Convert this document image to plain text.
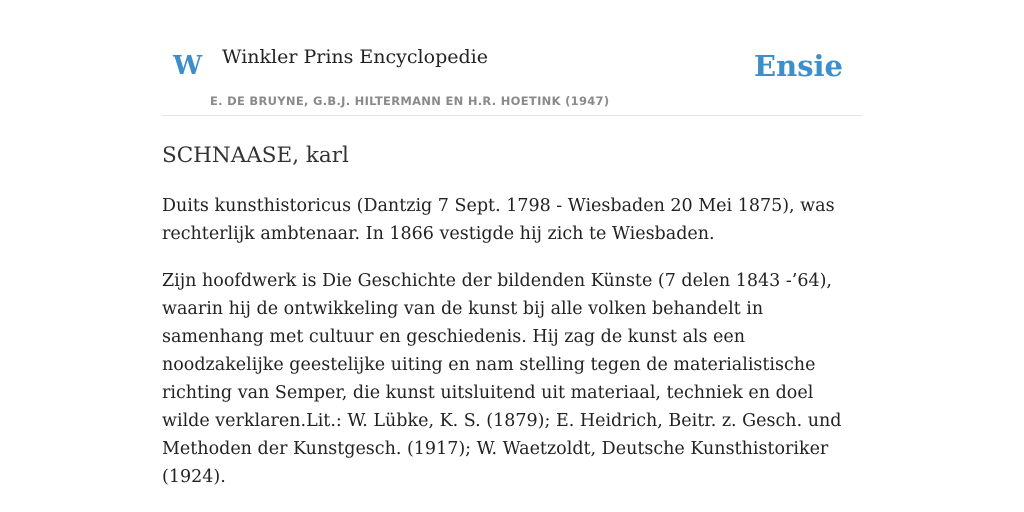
W Winkler Prins Encyclopedie
E. DE BRUYNE, G.B.J. HILTERMANN EN H.R. HOETINK (1947)
Ensie
SCHNAASE, karl

Duits kunsthistoricus (Dantzig 7 Sept. 1798 - Wiesbaden 20 Mei 1875), was rechterlijk ambtenaar. In 1866 vestigde hij zich te Wiesbaden.

Zijn hoofdwerk is Die Geschichte der bildenden Künste (7 delen 1843 -’64), waarin hij de ontwikkeling van de kunst bij alle volken behandelt in samenhang met cultuur en geschiedenis. Hij zag de kunst als een noodzakelijke geestelijke uiting en nam stelling tegen de materialistische richting van Semper, die kunst uitsluitend uit materiaal, techniek en doel wilde verklaren.Lit.: W. Lübke, K. S. (1879); E. Heidrich, Beitr. z. Gesch. und Methoden der Kunstgesch. (1917); W. Waetzoldt, Deutsche Kunsthistoriker (1924).
